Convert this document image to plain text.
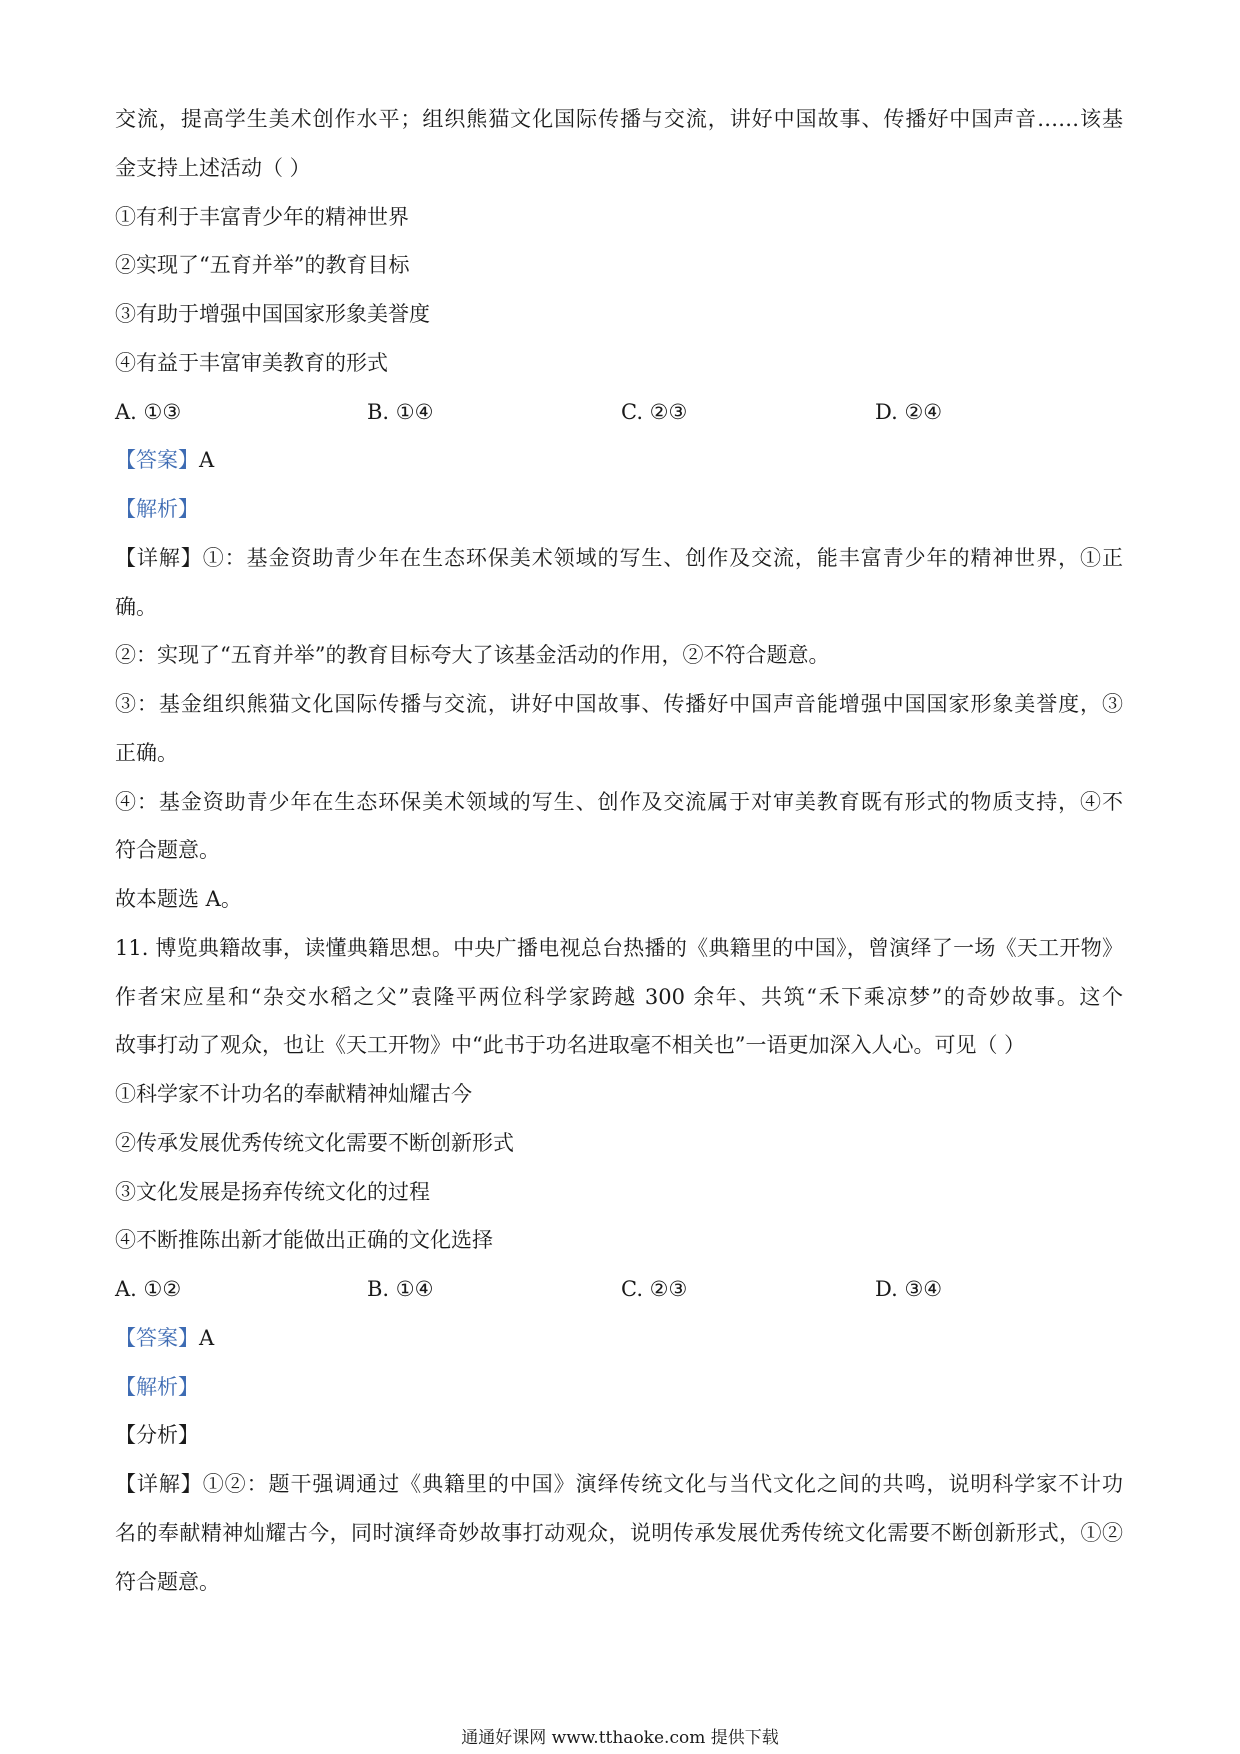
交流，提高学生美术创作水平；组织熊猫文化国际传播与交流，讲好中国故事、传播好中国声音……该基
金支持上述活动（ ）
①有利于丰富青少年的精神世界
②实现了“五育并举”的教育目标
③有助于增强中国国家形象美誉度
④有益于丰富审美教育的形式
A. ①③	B. ①④	C. ②③	D. ②④
【答案】A
【解析】
【详解】①：基金资助青少年在生态环保美术领域的写生、创作及交流，能丰富青少年的精神世界，①正
确。
②：实现了“五育并举”的教育目标夸大了该基金活动的作用，②不符合题意。
③：基金组织熊猫文化国际传播与交流，讲好中国故事、传播好中国声音能增强中国国家形象美誉度，③
正确。
④：基金资助青少年在生态环保美术领域的写生、创作及交流属于对审美教育既有形式的物质支持，④不
符合题意。
故本题选 A。
11. 博览典籍故事，读懂典籍思想。中央广播电视总台热播的《典籍里的中国》，曾演绎了一场《天工开物》
作者宋应星和“杂交水稻之父”袁隆平两位科学家跨越 300 余年、共筑“禾下乘凉梦”的奇妙故事。这个
故事打动了观众，也让《天工开物》中“此书于功名进取毫不相关也”一语更加深入人心。可见（ ）
①科学家不计功名的奉献精神灿耀古今
②传承发展优秀传统文化需要不断创新形式
③文化发展是扬弃传统文化的过程
④不断推陈出新才能做出正确的文化选择
A. ①②	B. ①④	C. ②③	D. ③④
【答案】A
【解析】
【分析】
【详解】①②：题干强调通过《典籍里的中国》演绎传统文化与当代文化之间的共鸣，说明科学家不计功
名的奉献精神灿耀古今，同时演绎奇妙故事打动观众，说明传承发展优秀传统文化需要不断创新形式，①②
符合题意。
通通好课网 www.tthaoke.com 提供下载
